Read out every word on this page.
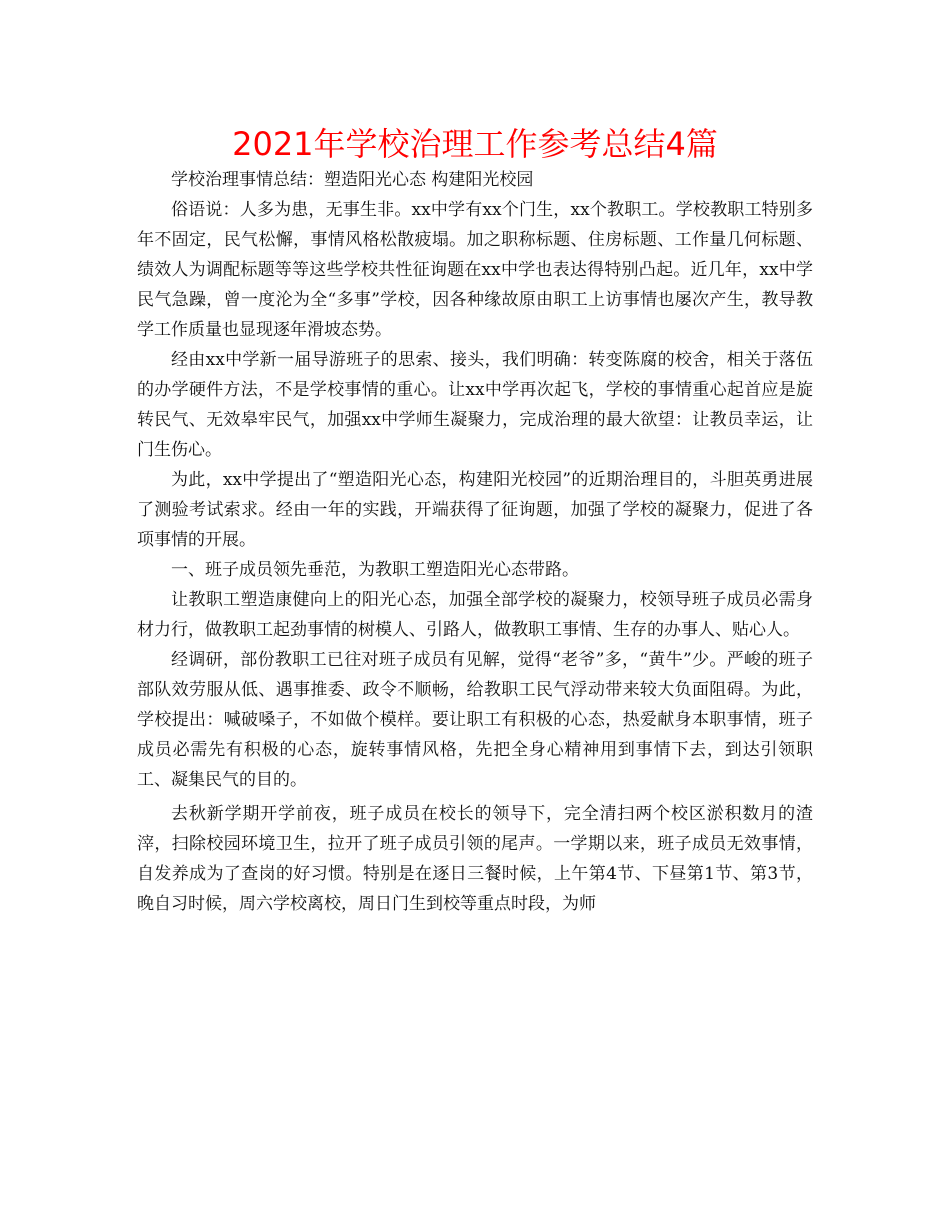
2021年学校治理工作参考总结4篇

学校治理事情总结：塑造阳光心态 构建阳光校园

俗语说：人多为患，无事生非。xx中学有xx个门生，xx个教职工。学校教职工特别多年不固定，民气松懈，事情风格松散疲塌。加之职称标题、住房标题、工作量几何标题、绩效人为调配标题等等这些学校共性征询题在xx中学也表达得特别凸起。近几年，xx中学民气急躁，曾一度沦为全“多事”学校，因各种缘故原由职工上访事情也屡次产生，教导教学工作质量也显现逐年滑坡态势。

经由xx中学新一届导游班子的思索、接头，我们明确：转变陈腐的校舍，相关于落伍的办学硬件方法，不是学校事情的重心。让xx中学再次起飞，学校的事情重心起首应是旋转民气、无效皋牢民气，加强xx中学师生凝聚力，完成治理的最大欲望：让教员幸运，让门生伤心。

为此，xx中学提出了“塑造阳光心态，构建阳光校园”的近期治理目的，斗胆英勇进展了测验考试索求。经由一年的实践，开端获得了征询题，加强了学校的凝聚力，促进了各项事情的开展。

一、班子成员领先垂范，为教职工塑造阳光心态带路。

让教职工塑造康健向上的阳光心态，加强全部学校的凝聚力，校领导班子成员必需身材力行，做教职工起劲事情的树模人、引路人，做教职工事情、生存的办事人、贴心人。

经调研，部份教职工已往对班子成员有见解，觉得“老爷”多，“黄牛”少。严峻的班子部队效劳服从低、遇事推委、政令不顺畅，给教职工民气浮动带来较大负面阻碍。为此，学校提出：喊破嗓子，不如做个模样。要让职工有积极的心态，热爱献身本职事情，班子成员必需先有积极的心态，旋转事情风格，先把全身心精神用到事情下去，到达引领职工、凝集民气的目的。

去秋新学期开学前夜，班子成员在校长的领导下，完全清扫两个校区淤积数月的渣滓，扫除校园环境卫生，拉开了班子成员引领的尾声。一学期以来，班子成员无效事情，自发养成为了查岗的好习惯。特别是在逐日三餐时候，上午第4节、下昼第1节、第3节，晚自习时候，周六学校离校，周日门生到校等重点时段，为师
